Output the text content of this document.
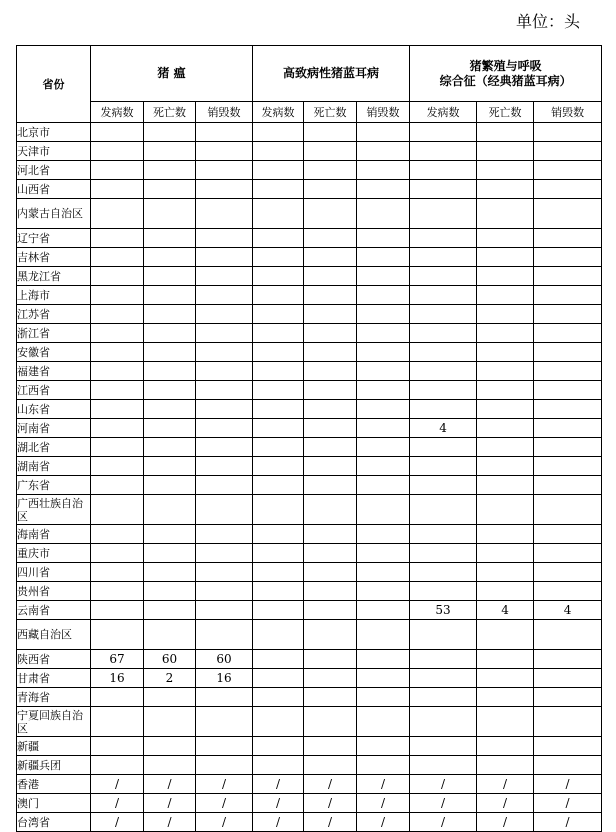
单位：头
省份	猪 瘟			高致病性猪蓝耳病			猪繁殖与呼吸
综合征（经典猪蓝耳病）		
	发病数	死亡数	销毁数	发病数	死亡数	销毁数	发病数	死亡数	销毁数
北京市									
天津市									
河北省									
山西省									
内蒙古自治区									
辽宁省									
吉林省									
黑龙江省									
上海市									
江苏省									
浙江省									
安徽省									
福建省									
江西省									
山东省									
河南省							4		
湖北省									
湖南省									
广东省									
广西壮族自治区									
海南省									
重庆市									
四川省									
贵州省									
云南省							53	4	4
西藏自治区									
陕西省	67	60	60						
甘肃省	16	2	16						
青海省									
宁夏回族自治区									
新疆									
新疆兵团									
香港	/	/	/	/	/	/	/	/	/
澳门	/	/	/	/	/	/	/	/	/
台湾省	/	/	/	/	/	/	/	/	/
